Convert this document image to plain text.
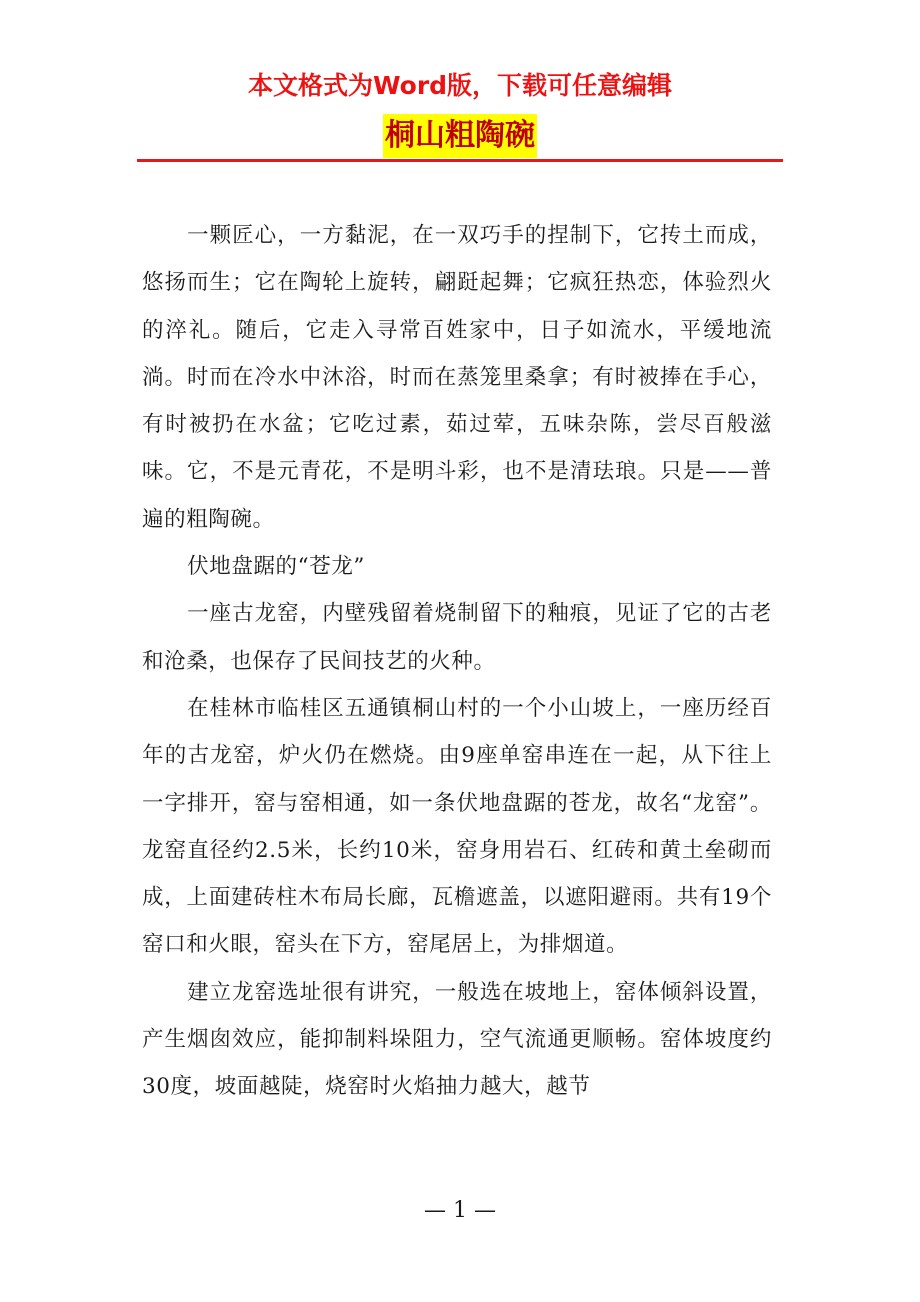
本文格式为Word版，下载可任意编辑
桐山粗陶碗

一颗匠心，一方黏泥，在一双巧手的捏制下，它抟土而成，悠扬而生；它在陶轮上旋转，翩跹起舞；它疯狂热恋，体验烈火的淬礼。随后，它走入寻常百姓家中，日子如流水，平缓地流淌。时而在冷水中沐浴，时而在蒸笼里桑拿；有时被捧在手心，有时被扔在水盆；它吃过素，茹过荤，五味杂陈，尝尽百般滋味。它，不是元青花，不是明斗彩，也不是清珐琅。只是——普遍的粗陶碗。

伏地盘踞的“苍龙”

一座古龙窑，内壁残留着烧制留下的釉痕，见证了它的古老和沧桑，也保存了民间技艺的火种。

在桂林市临桂区五通镇桐山村的一个小山坡上，一座历经百年的古龙窑，炉火仍在燃烧。由9座单窑串连在一起，从下往上一字排开，窑与窑相通，如一条伏地盘踞的苍龙，故名“龙窑”。龙窑直径约2.5米，长约10米，窑身用岩石、红砖和黄土垒砌而成，上面建砖柱木布局长廊，瓦檐遮盖，以遮阳避雨。共有19个窑口和火眼，窑头在下方，窑尾居上，为排烟道。

建立龙窑选址很有讲究，一般选在坡地上，窑体倾斜设置，产生烟囱效应，能抑制料垛阻力，空气流通更顺畅。窑体坡度约30度，坡面越陡，烧窑时火焰抽力越大，越节

— 1 —
